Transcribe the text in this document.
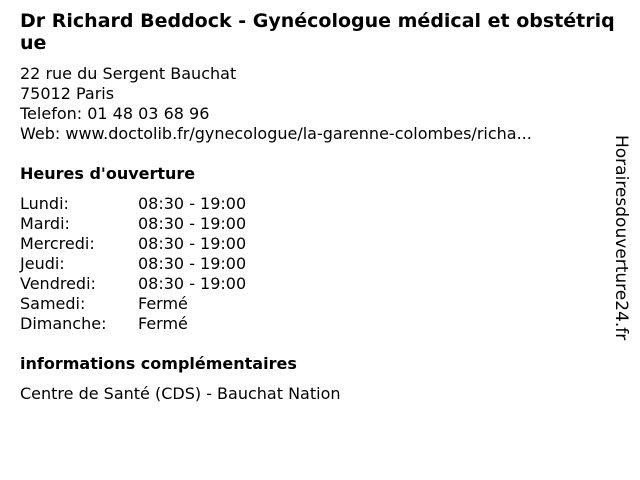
Dr Richard Beddock - Gynécologue médical et obstétrique
22 rue du Sergent Bauchat
75012 Paris
Telefon: 01 48 03 68 96
Web: www.doctolib.fr/gynecologue/la-garenne-colombes/richa...
Heures d'ouverture
Lundi:	08:30 - 19:00
Mardi:	08:30 - 19:00
Mercredi:	08:30 - 19:00
Jeudi:	08:30 - 19:00
Vendredi:	08:30 - 19:00
Samedi:	Fermé
Dimanche:	Fermé
informations complémentaires
Centre de Santé (CDS) - Bauchat Nation
Horairesdouverture24.fr
